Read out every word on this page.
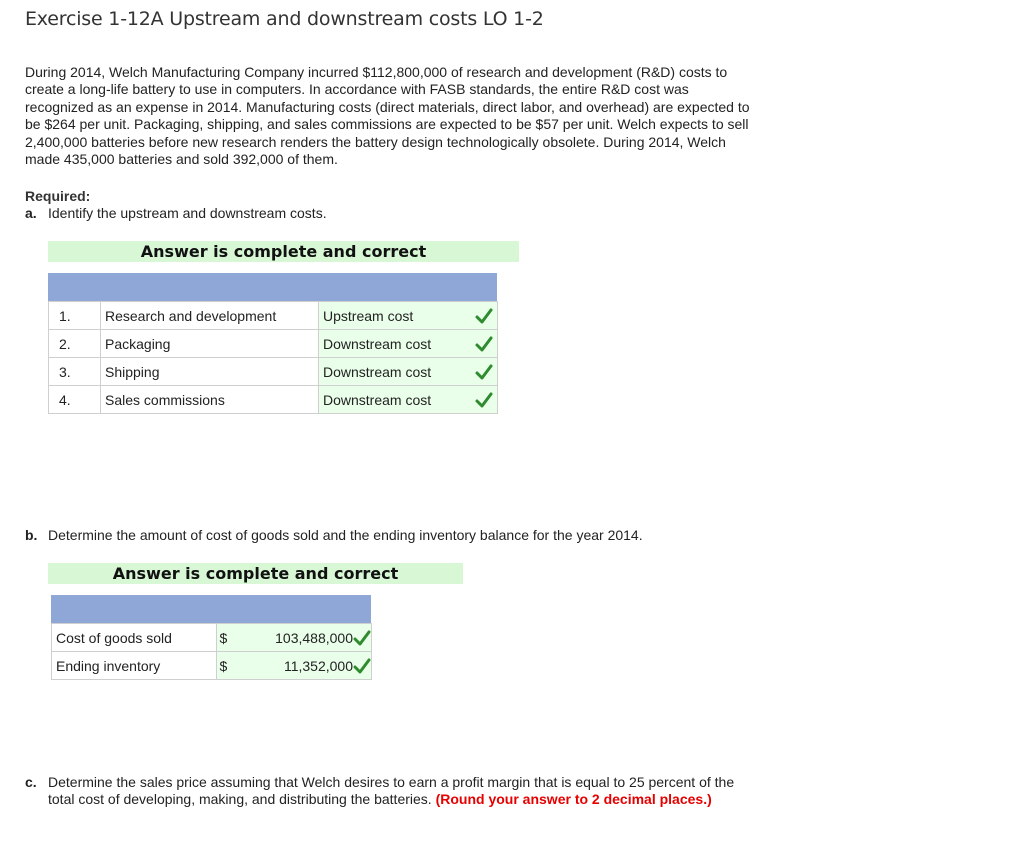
Exercise 1-12A Upstream and downstream costs LO 1-2

During 2014, Welch Manufacturing Company incurred $112,800,000 of research and development (R&D) costs to create a long-life battery to use in computers. In accordance with FASB standards, the entire R&D cost was recognized as an expense in 2014. Manufacturing costs (direct materials, direct labor, and overhead) are expected to be $264 per unit. Packaging, shipping, and sales commissions are expected to be $57 per unit. Welch expects to sell 2,400,000 batteries before new research renders the battery design technologically obsolete. During 2014, Welch made 435,000 batteries and sold 392,000 of them.

Required:
a. Identify the upstream and downstream costs.
Answer is complete and correct
1.	Research and development	Upstream cost

2.	Packaging	Downstream cost

3.	Shipping	Downstream cost

4.	Sales commissions	Downstream cost
b. Determine the amount of cost of goods sold and the ending inventory balance for the year 2014.
Answer is complete and correct
Cost of goods sold	$ 103,488,000

Ending inventory	$ 11,352,000
c. Determine the sales price assuming that Welch desires to earn a profit margin that is equal to 25 percent of the total cost of developing, making, and distributing the batteries. (Round your answer to 2 decimal places.)
